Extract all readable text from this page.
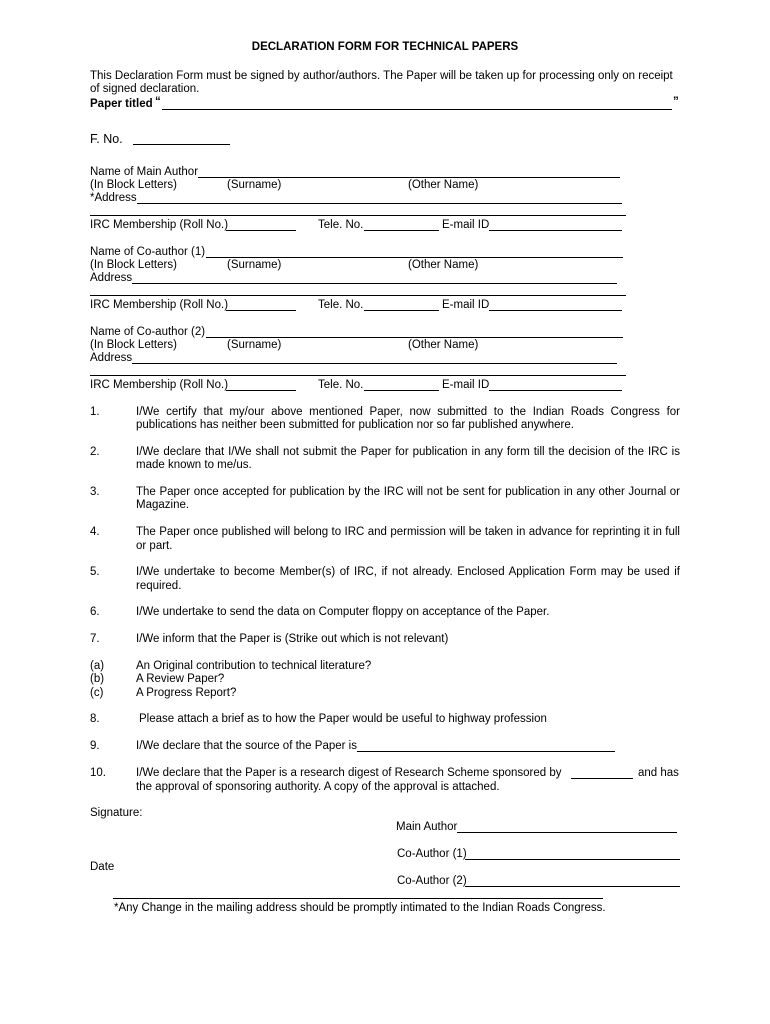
DECLARATION FORM FOR TECHNICAL PAPERS
This Declaration Form must be signed by author/authors. The Paper will be taken up for processing only on receipt
of signed declaration.
Paper titled “	”
F. No.
Name of Main Author
(In Block Letters)	(Surname)	(Other Name)
*Address
IRC Membership (Roll No.)	Tele. No.	E-mail ID
Name of Co-author (1)
(In Block Letters)	(Surname)	(Other Name)
Address
IRC Membership (Roll No.)	Tele. No.	E-mail ID
Name of Co-author (2)
(In Block Letters)	(Surname)	(Other Name)
Address
IRC Membership (Roll No.)	Tele. No.	E-mail ID
1.	I/We certify that my/our above mentioned Paper, now submitted to the Indian Roads Congress for
publications has neither been submitted for publication nor so far published anywhere.
2.	I/We declare that I/We shall not submit the Paper for publication in any form till the decision of the IRC is
made known to me/us.
3.	The Paper once accepted for publication by the IRC will not be sent for publication in any other Journal or
Magazine.
4.	The Paper once published will belong to IRC and permission will be taken in advance for reprinting it in full
or part.
5.	I/We undertake to become Member(s) of IRC, if not already. Enclosed Application Form may be used if
required.
6.	I/We undertake to send the data on Computer floppy on acceptance of the Paper.
7.	I/We inform that the Paper is (Strike out which is not relevant)
(a)	An Original contribution to technical literature?
(b)	A Review Paper?
(c)	A Progress Report?
8.	Please attach a brief as to how the Paper would be useful to highway profession
9.	I/We declare that the source of the Paper is
10.	I/We declare that the Paper is a research digest of Research Scheme sponsored by	and has
the approval of sponsoring authority. A copy of the approval is attached.
Signature:
Main Author
Co-Author (1)
Date
Co-Author (2)
*Any Change in the mailing address should be promptly intimated to the Indian Roads Congress.
